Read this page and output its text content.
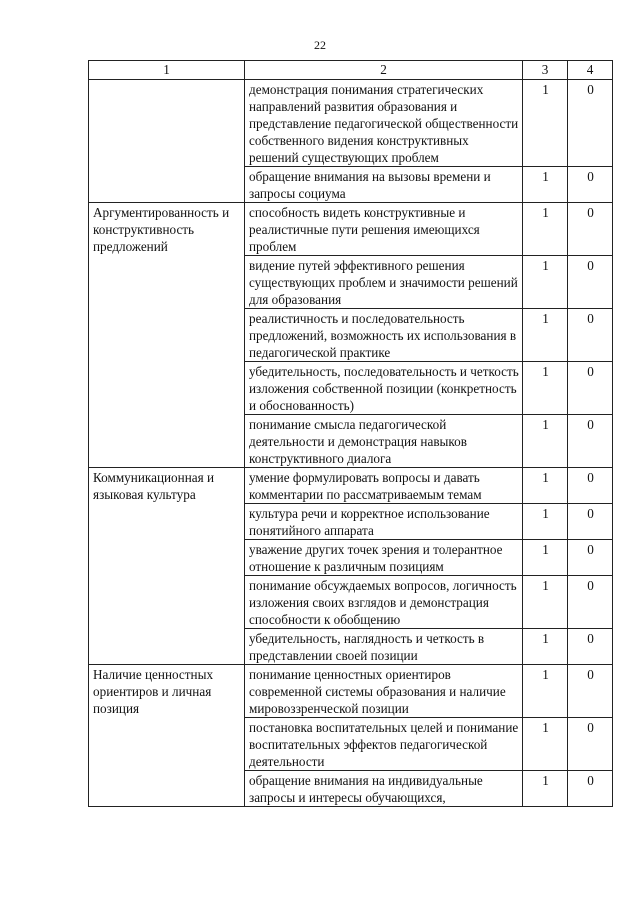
22
1	2	3	4
	демонстрация понимания стратегических направлений развития образования и представление педагогической общественности собственного видения конструктивных решений существующих проблем	1	0
	обращение внимания на вызовы времени и запросы социума	1	0
Аргументированность и конструктивность предложений	способность видеть конструктивные и реалистичные пути решения имеющихся проблем	1	0
	видение путей эффективного решения существующих проблем и значимости решений для образования	1	0
	реалистичность и последовательность предложений, возможность их использования в педагогической практике	1	0
	убедительность, последовательность и четкость изложения собственной позиции (конкретность и обоснованность)	1	0
	понимание смысла педагогической деятельности и демонстрация навыков конструктивного диалога	1	0
Коммуникационная и языковая культура	умение формулировать вопросы и давать комментарии по рассматриваемым темам	1	0
	культура речи и корректное использование понятийного аппарата	1	0
	уважение других точек зрения и толерантное отношение к различным позициям	1	0
	понимание обсуждаемых вопросов, логичность изложения своих взглядов и демонстрация способности к обобщению	1	0
	убедительность, наглядность и четкость в представлении своей позиции	1	0
Наличие ценностных ориентиров и личная позиция	понимание ценностных ориентиров современной системы образования и наличие мировоззренческой позиции	1	0
	постановка воспитательных целей и понимание воспитательных эффектов педагогической деятельности	1	0
	обращение внимания на индивидуальные запросы и интересы обучающихся,	1	0
